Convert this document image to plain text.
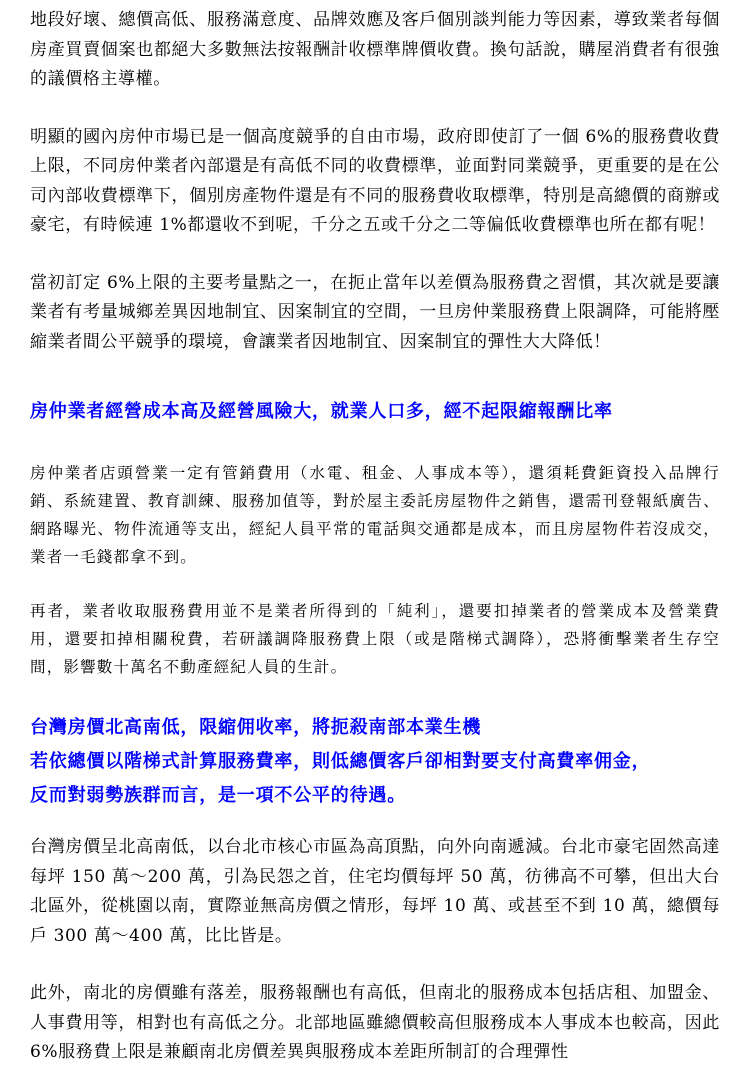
地段好壞、總價高低、服務滿意度、品牌效應及客戶個別談判能力等因素，導致業者每個房產買賣個案也都絕大多數無法按報酬計收標準牌價收費。換句話說，購屋消費者有很強的議價格主導權。

明顯的國內房仲市場已是一個高度競爭的自由市場，政府即使訂了一個 6%的服務費收費上限，不同房仲業者內部還是有高低不同的收費標準，並面對同業競爭，更重要的是在公司內部收費標準下，個別房產物件還是有不同的服務費收取標準，特別是高總價的商辦或豪宅，有時候連 1%都還收不到呢，千分之五或千分之二等偏低收費標準也所在都有呢！

當初訂定 6%上限的主要考量點之一，在扼止當年以差價為服務費之習慣，其次就是要讓業者有考量城鄉差異因地制宜、因案制宜的空間，一旦房仲業服務費上限調降，可能將壓縮業者間公平競爭的環境，會讓業者因地制宜、因案制宜的彈性大大降低！

房仲業者經營成本高及經營風險大，就業人口多，經不起限縮報酬比率

房仲業者店頭營業一定有管銷費用（水電、租金、人事成本等），還須耗費鉅資投入品牌行銷、系統建置、教育訓練、服務加值等，對於屋主委託房屋物件之銷售，還需刊登報紙廣告、網路曝光、物件流通等支出，經紀人員平常的電話與交通都是成本，而且房屋物件若沒成交，業者一毛錢都拿不到。

再者，業者收取服務費用並不是業者所得到的「純利」，還要扣掉業者的營業成本及營業費用，還要扣掉相關稅費，若研議調降服務費上限（或是階梯式調降），恐將衝擊業者生存空間，影響數十萬名不動產經紀人員的生計。

台灣房價北高南低，限縮佣收率，將扼殺南部本業生機
若依總價以階梯式計算服務費率，則低總價客戶卻相對要支付高費率佣金，
反而對弱勢族群而言，是一項不公平的待遇。

台灣房價呈北高南低，以台北市核心市區為高頂點，向外向南遞減。台北市豪宅固然高達每坪 150 萬～200 萬，引為民怨之首，住宅均價每坪 50 萬，彷彿高不可攀，但出大台北區外，從桃園以南，實際並無高房價之情形，每坪 10 萬、或甚至不到 10 萬，總價每戶 300 萬～400 萬，比比皆是。

此外，南北的房價雖有落差，服務報酬也有高低，但南北的服務成本包括店租、加盟金、人事費用等，相對也有高低之分。北部地區雖總價較高但服務成本人事成本也較高，因此 6%服務費上限是兼顧南北房價差異與服務成本差距所制訂的合理彈性
